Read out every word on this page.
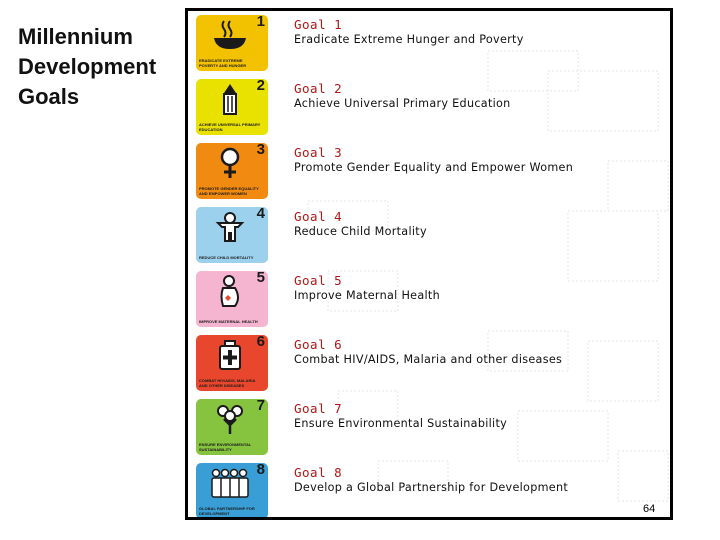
Millennium
Development
Goals
1
ERADICATE EXTREME POVERTY AND HUNGER
Goal 1
Eradicate Extreme Hunger and Poverty
2
ACHIEVE UNIVERSAL PRIMARY EDUCATION
Goal 2
Achieve Universal Primary Education
3
PROMOTE GENDER EQUALITY AND EMPOWER WOMEN
Goal 3
Promote Gender Equality and Empower Women
4
REDUCE CHILD MORTALITY
Goal 4
Reduce Child Mortality
5
IMPROVE MATERNAL HEALTH
Goal 5
Improve Maternal Health
6
COMBAT HIV/AIDS, MALARIA AND OTHER DISEASES
Goal 6
Combat HIV/AIDS, Malaria and other diseases
7
ENSURE ENVIRONMENTAL SUSTAINABILITY
Goal 7
Ensure Environmental Sustainability
8
GLOBAL PARTNERSHIP FOR DEVELOPMENT
Goal 8
Develop a Global Partnership for Development
64
